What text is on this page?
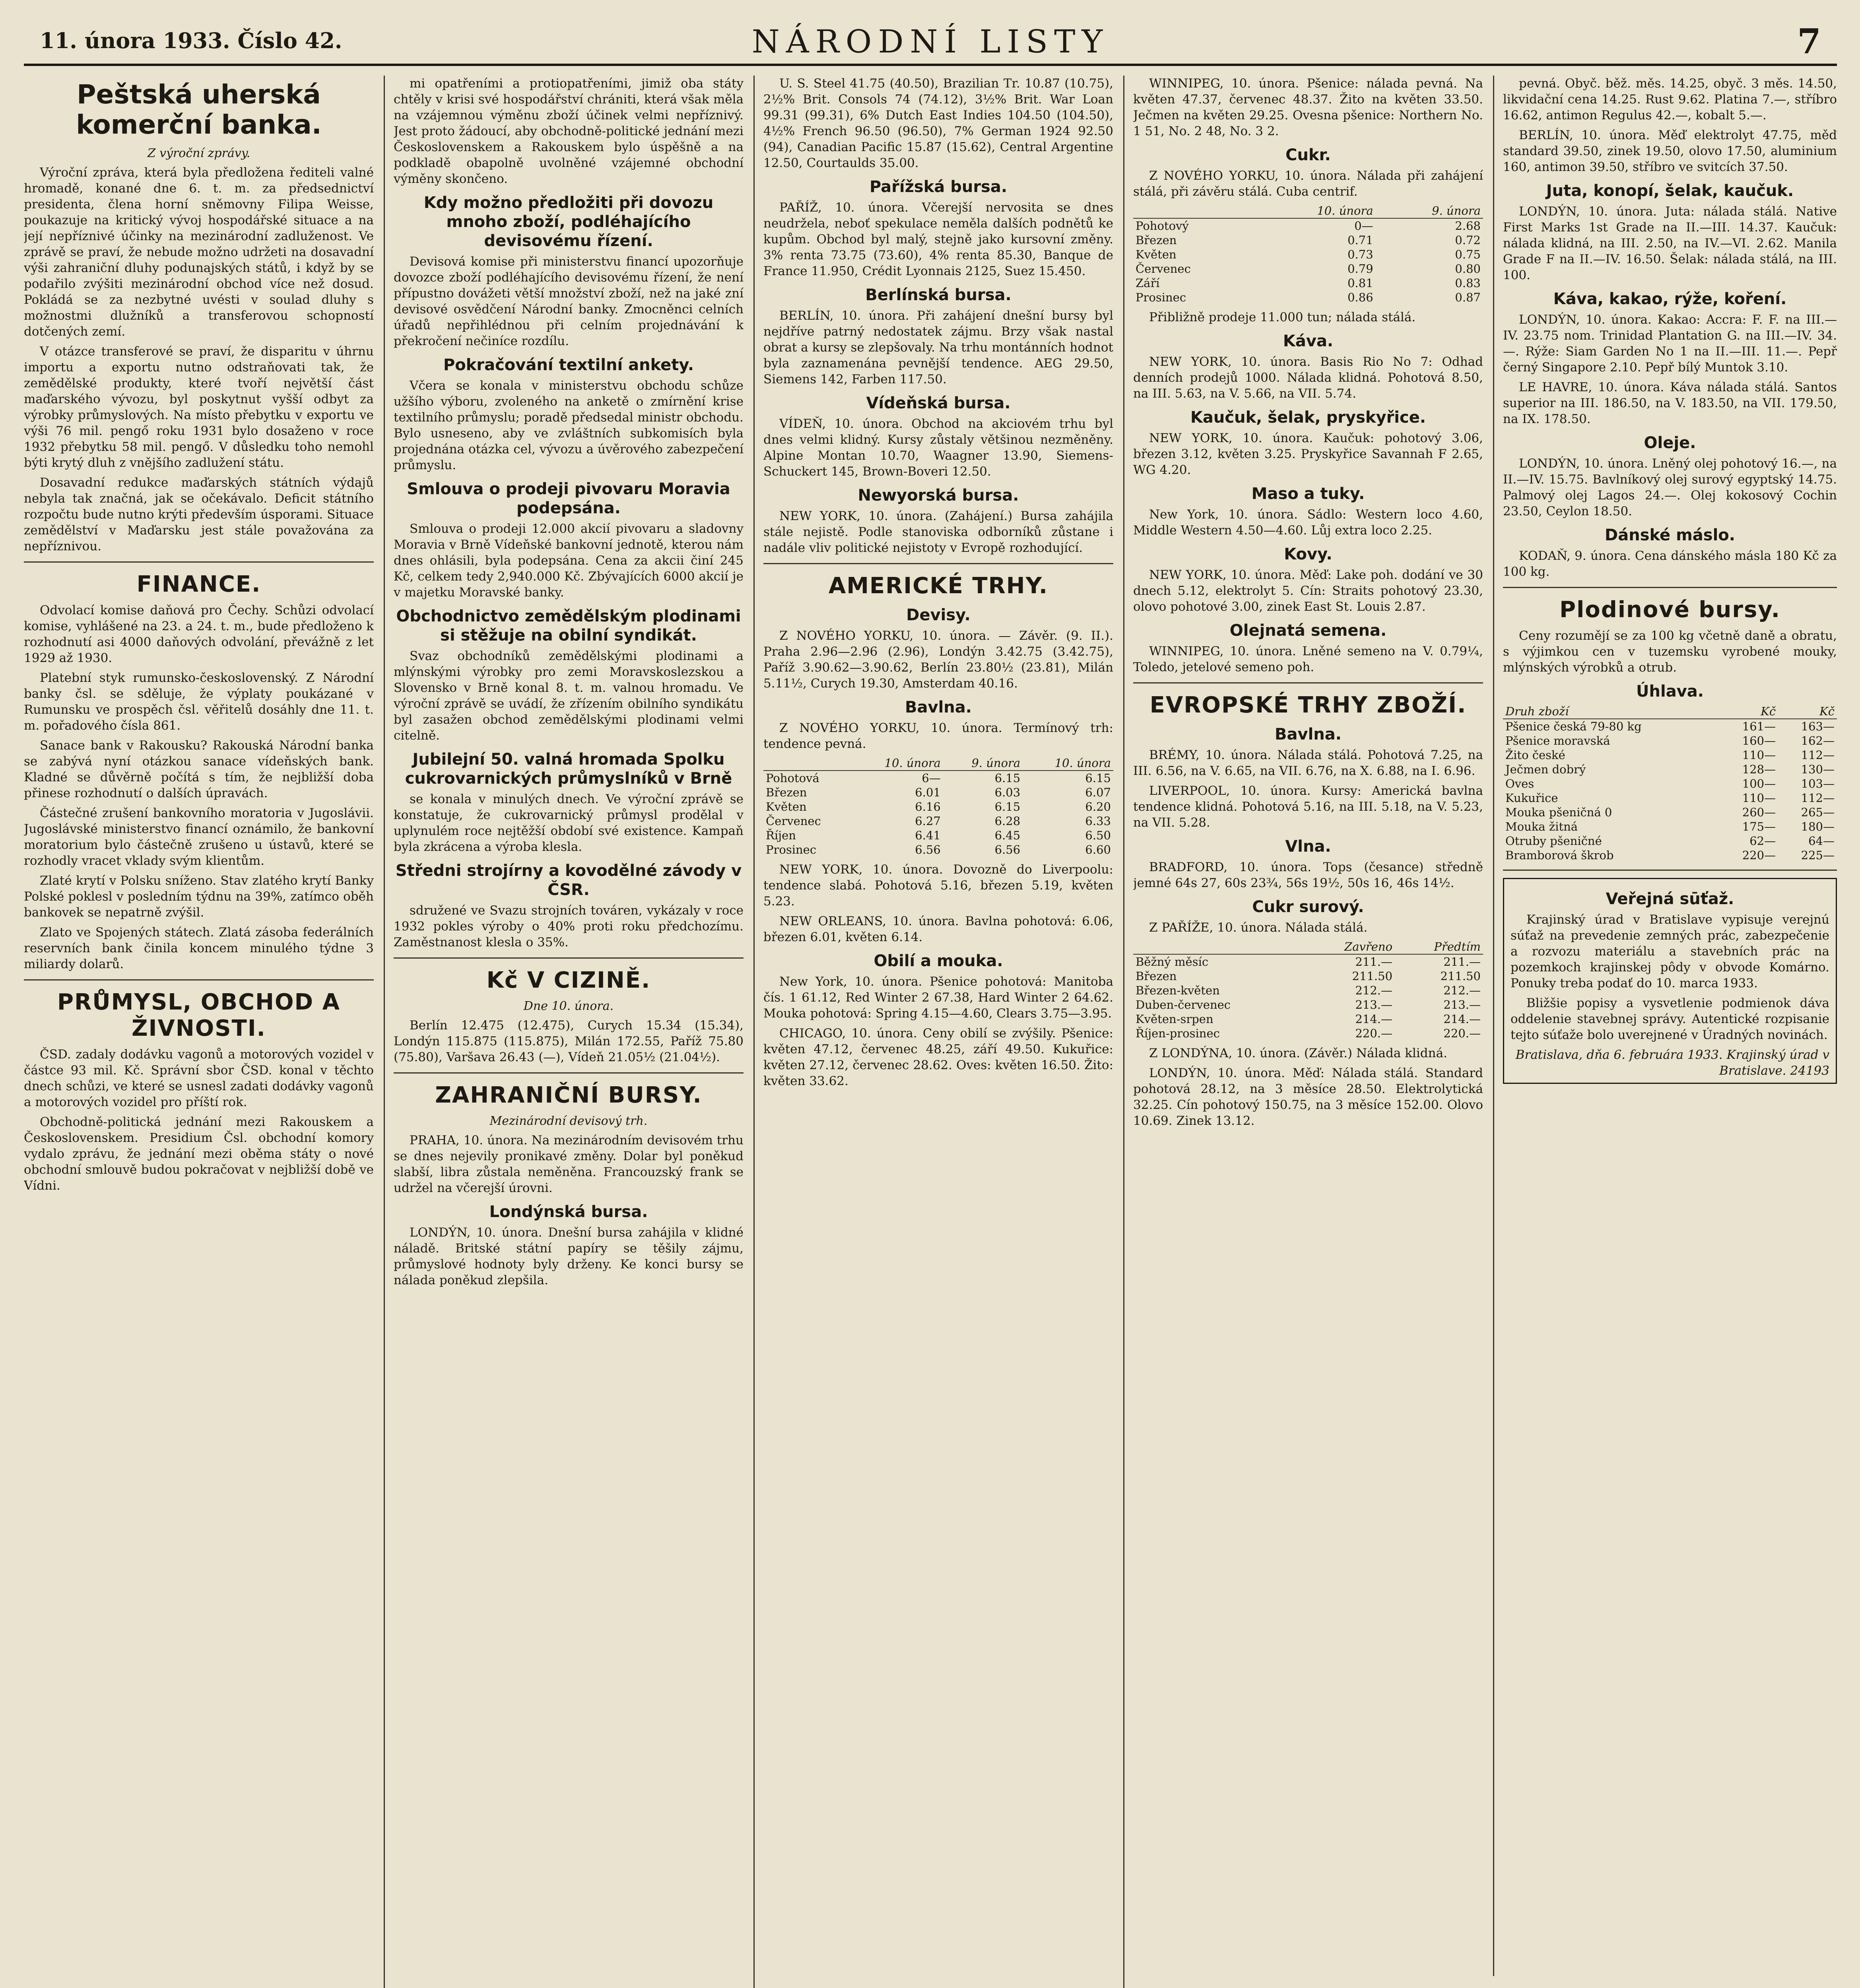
11. února 1933. Číslo 42.	NÁRODNÍ LISTY	7
Peštská uherská komerční banka.
Z výroční zprávy.

Výroční zpráva, která byla předložena řediteli valné hromadě, konané dne 6. t. m. za předsednictví presidenta, člena horní sněmovny Filipa Weisse, poukazuje na kritický vývoj hospodářské situace a na její nepříznivé účinky na mezinárodní zadluženost. Ve zprávě se praví, že nebude možno udržeti na dosavadní výši zahraniční dluhy podunajských států, i když by se podařilo zvýšiti mezinárodní obchod více než dosud. Pokládá se za nezbytné uvésti v soulad dluhy s možnostmi dlužníků a transferovou schopností dotčených zemí.

V otázce transferové se praví, že disparitu v úhrnu importu a exportu nutno odstraňovati tak, že zemědělské produkty, které tvoří největší část maďarského vývozu, byl poskytnut vyšší odbyt za výrobky průmyslových. Na místo přebytku v exportu ve výši 76 mil. pengő roku 1931 bylo dosaženo v roce 1932 přebytku 58 mil. pengő. V důsledku toho nemohl býti krytý dluh z vnějšího zadlužení státu.

Dosavadní redukce maďarských státních výdajů nebyla tak značná, jak se očekávalo. Deficit státního rozpočtu bude nutno krýti především úsporami. Situace zemědělství v Maďarsku jest stále považována za nepříznivou.

FINANCE.

Odvolací komise daňová pro Čechy. Schůzi odvolací komise, vyhlášené na 23. a 24. t. m., bude předloženo k rozhodnutí asi 4000 daňových odvolání, převážně z let 1929 až 1930.

Platební styk rumunsko-československý. Z Národní banky čsl. se sděluje, že výplaty poukázané v Rumunsku ve prospěch čsl. věřitelů dosáhly dne 11. t. m. pořadového čísla 861.

Sanace bank v Rakousku? Rakouská Národní banka se zabývá nyní otázkou sanace vídeňských bank. Kladné se důvěrně počítá s tím, že nejbližší doba přinese rozhodnutí o dalších úpravách.

Částečné zrušení bankovního moratoria v Jugoslávii. Jugoslávské ministerstvo financí oznámilo, že bankovní moratorium bylo částečně zrušeno u ústavů, které se rozhodly vracet vklady svým klientům.

Zlaté krytí v Polsku sníženo. Stav zlatého krytí Banky Polské poklesl v posledním týdnu na 39%, zatímco oběh bankovek se nepatrně zvýšil.

Zlato ve Spojených státech. Zlatá zásoba federálních reservních bank činila koncem minulého týdne 3 miliardy dolarů.

PRŮMYSL, OBCHOD A ŽIVNOSTI.

ČSD. zadaly dodávku vagonů a motorových vozidel v částce 93 mil. Kč. Správní sbor ČSD. konal v těchto dnech schůzi, ve které se usnesl zadati dodávky vagonů a motorových vozidel pro příští rok.

Obchodně-politická jednání mezi Rakouskem a Československem. Presidium Čsl. obchodní komory vydalo zprávu, že jednání mezi oběma státy o nové obchodní smlouvě budou pokračovat v nejbližší době ve Vídni.

mi opatřeními a protiopatřeními, jimiž oba státy chtěly v krisi své hospodářství chrániti, která však měla na vzájemnou výměnu zboží účinek velmi nepříznivý. Jest proto žádoucí, aby obchodně-politické jednání mezi Československem a Rakouskem bylo úspěšně a na podkladě obapolně uvolněné vzájemné obchodní výměny skončeno.

Kdy možno předložiti při dovozu mnoho zboží, podléhajícího devisovému řízení.

Devisová komise při ministerstvu financí upozorňuje dovozce zboží podléhajícího devisovému řízení, že není přípustno dovážeti větší množství zboží, než na jaké zní devisové osvědčení Národní banky. Zmocněnci celních úřadů nepřihlédnou při celním projednávání k překročení nečiníce rozdílu.

Pokračování textilní ankety.

Včera se konala v ministerstvu obchodu schůze užšího výboru, zvoleného na anketě o zmírnění krise textilního průmyslu; poradě předsedal ministr obchodu. Bylo usneseno, aby ve zvláštních subkomisích byla projednána otázka cel, vývozu a úvěrového zabezpečení průmyslu.

Smlouva o prodeji pivovaru Moravia podepsána.

Smlouva o prodeji 12.000 akcií pivovaru a sladovny Moravia v Brně Vídeňské bankovní jednotě, kterou nám dnes ohlásili, byla podepsána. Cena za akcii činí 245 Kč, celkem tedy 2,940.000 Kč. Zbývajících 6000 akcií je v majetku Moravské banky.

Obchodnictvo zemědělským plodinami si stěžuje na obilní syndikát.

Svaz obchodníků zemědělskými plodinami a mlýnskými výrobky pro zemi Moravskoslezskou a Slovensko v Brně konal 8. t. m. valnou hromadu. Ve výroční zprávě se uvádí, že zřízením obilního syndikátu byl zasažen obchod zemědělskými plodinami velmi citelně.

Jubilejní 50. valná hromada Spolku cukrovarnických průmyslníků v Brně

se konala v minulých dnech. Ve výroční zprávě se konstatuje, že cukrovarnický průmysl prodělal v uplynulém roce nejtěžší období své existence. Kampaň byla zkrácena a výroba klesla.

Středni strojírny a kovodělné závody v ČSR.

sdružené ve Svazu strojních továren, vykázaly v roce 1932 pokles výroby o 40% proti roku předchozímu. Zaměstnanost klesla o 35%.

Kč V CIZINĚ.
Dne 10. února.

Berlín 12.475 (12.475), Curych 15.34 (15.34), Londýn 115.875 (115.875), Milán 172.55, Paříž 75.80 (75.80), Varšava 26.43 (—), Vídeň 21.05½ (21.04½).

ZAHRANIČNÍ BURSY.
Mezinárodní devisový trh.

PRAHA, 10. února. Na mezinárodním devisovém trhu se dnes nejevily pronikavé změny. Dolar byl poněkud slabší, libra zůstala neměněna. Francouzský frank se udržel na včerejší úrovni.

Londýnská bursa.

LONDÝN, 10. února. Dnešní bursa zahájila v klidné náladě. Britské státní papíry se těšily zájmu, průmyslové hodnoty byly drženy. Ke konci bursy se nálada poněkud zlepšila.

U. S. Steel 41.75 (40.50), Brazilian Tr. 10.87 (10.75), 2½% Brit. Consols 74 (74.12), 3½% Brit. War Loan 99.31 (99.31), 6% Dutch East Indies 104.50 (104.50), 4½% French 96.50 (96.50), 7% German 1924 92.50 (94), Canadian Pacific 15.87 (15.62), Central Argentine 12.50, Courtaulds 35.00.

Pařížská bursa.

PAŘÍŽ, 10. února. Včerejší nervosita se dnes neudržela, neboť spekulace neměla dalších podnětů ke kupům. Obchod byl malý, stejně jako kursovní změny. 3% renta 73.75 (73.60), 4% renta 85.30, Banque de France 11.950, Crédit Lyonnais 2125, Suez 15.450.

Berlínská bursa.

BERLÍN, 10. února. Při zahájení dnešní bursy byl nejdříve patrný nedostatek zájmu. Brzy však nastal obrat a kursy se zlepšovaly. Na trhu montánních hodnot byla zaznamenána pevnější tendence. AEG 29.50, Siemens 142, Farben 117.50.

Vídeňská bursa.

VÍDEŇ, 10. února. Obchod na akciovém trhu byl dnes velmi klidný. Kursy zůstaly většinou nezměněny. Alpine Montan 10.70, Waagner 13.90, Siemens-Schuckert 145, Brown-Boveri 12.50.

Newyorská bursa.

NEW YORK, 10. února. (Zahájení.) Bursa zahájila stále nejistě. Podle stanoviska odborníků zůstane i nadále vliv politické nejistoty v Evropě rozhodující.

AMERICKÉ TRHY.
Devisy.

Z NOVÉHO YORKU, 10. února. — Závěr. (9. II.). Praha 2.96—2.96 (2.96), Londýn 3.42.75 (3.42.75), Paříž 3.90.62—3.90.62, Berlín 23.80½ (23.81), Milán 5.11½, Curych 19.30, Amsterdam 40.16.

Bavlna.

Z NOVÉHO YORKU, 10. února. Termínový trh: tendence pevná.

	10. února	9. února	10. února
Pohotová	6—	6.15	6.15
Březen	6.01	6.03	6.07
Květen	6.16	6.15	6.20
Červenec	6.27	6.28	6.33
Říjen	6.41	6.45	6.50
Prosinec	6.56	6.56	6.60

NEW YORK, 10. února. Dovozně do Liverpoolu: tendence slabá. Pohotová 5.16, březen 5.19, květen 5.23.

NEW ORLEANS, 10. února. Bavlna pohotová: 6.06, březen 6.01, květen 6.14.

Obilí a mouka.

New York, 10. února. Pšenice pohotová: Manitoba čís. 1 61.12, Red Winter 2 67.38, Hard Winter 2 64.62. Mouka pohotová: Spring 4.15—4.60, Clears 3.75—3.95.

CHICAGO, 10. února. Ceny obilí se zvýšily. Pšenice: květen 47.12, červenec 48.25, září 49.50. Kukuřice: květen 27.12, červenec 28.62. Oves: květen 16.50. Žito: květen 33.62.

WINNIPEG, 10. února. Pšenice: nálada pevná. Na květen 47.37, červenec 48.37. Žito na květen 33.50. Ječmen na květen 29.25. Ovesna pšenice: Northern No. 1 51, No. 2 48, No. 3 2.

Cukr.

Z NOVÉHO YORKU, 10. února. Nálada při zahájení stálá, při závěru stálá. Cuba centrif.

	10. února	9. února
Pohotový	0—	2.68
Březen	0.71	0.72
Květen	0.73	0.75
Červenec	0.79	0.80
Září	0.81	0.83
Prosinec	0.86	0.87

Přibližně prodeje 11.000 tun; nálada stálá.

Káva.

NEW YORK, 10. února. Basis Rio No 7: Odhad denních prodejů 1000. Nálada klidná. Pohotová 8.50, na III. 5.63, na V. 5.66, na VII. 5.74.

Kaučuk, šelak, pryskyřice.

NEW YORK, 10. února. Kaučuk: pohotový 3.06, březen 3.12, květen 3.25. Pryskyřice Savannah F 2.65, WG 4.20.

Maso a tuky.

New York, 10. února. Sádlo: Western loco 4.60, Middle Western 4.50—4.60. Lůj extra loco 2.25.

Kovy.

NEW YORK, 10. února. Měď: Lake poh. dodání ve 30 dnech 5.12, elektrolyt 5. Cín: Straits pohotový 23.30, olovo pohotové 3.00, zinek East St. Louis 2.87.

Olejnatá semena.

WINNIPEG, 10. února. Lněné semeno na V. 0.79¼, Toledo, jetelové semeno poh.

EVROPSKÉ TRHY ZBOŽÍ.
Bavlna.

BRÉMY, 10. února. Nálada stálá. Pohotová 7.25, na III. 6.56, na V. 6.65, na VII. 6.76, na X. 6.88, na I. 6.96.

LIVERPOOL, 10. února. Kursy: Americká bavlna tendence klidná. Pohotová 5.16, na III. 5.18, na V. 5.23, na VII. 5.28.

Vlna.

BRADFORD, 10. února. Tops (česance) středně jemné 64s 27, 60s 23¾, 56s 19½, 50s 16, 46s 14½.

Cukr surový.

Z PAŘÍŽE, 10. února. Nálada stálá.

	Zavřeno	Předtím
Běžný měsíc	211.—	211.—
Březen	211.50	211.50
Březen-květen	212.—	212.—
Duben-červenec	213.—	213.—
Květen-srpen	214.—	214.—
Říjen-prosinec	220.—	220.—

Z LONDÝNA, 10. února. (Závěr.) Nálada klidná.

LONDÝN, 10. února. Měď: Nálada stálá. Standard pohotová 28.12, na 3 měsíce 28.50. Elektrolytická 32.25. Cín pohotový 150.75, na 3 měsíce 152.00. Olovo 10.69. Zinek 13.12.

pevná. Obyč. běž. měs. 14.25, obyč. 3 měs. 14.50, likvidační cena 14.25. Rust 9.62. Platina 7.—, stříbro 16.62, antimon Regulus 42.—, kobalt 5.—.

BERLÍN, 10. února. Měď elektrolyt 47.75, měď standard 39.50, zinek 19.50, olovo 17.50, aluminium 160, antimon 39.50, stříbro ve svitcích 37.50.

Juta, konopí, šelak, kaučuk.

LONDÝN, 10. února. Juta: nálada stálá. Native First Marks 1st Grade na II.—III. 14.37. Kaučuk: nálada klidná, na III. 2.50, na IV.—VI. 2.62. Manila Grade F na II.—IV. 16.50. Šelak: nálada stálá, na III. 100.

Káva, kakao, rýže, koření.

LONDÝN, 10. února. Kakao: Accra: F. F. na III.—IV. 23.75 nom. Trinidad Plantation G. na III.—IV. 34.—. Rýže: Siam Garden No 1 na II.—III. 11.—. Pepř černý Singapore 2.10. Pepř bílý Muntok 3.10.

LE HAVRE, 10. února. Káva nálada stálá. Santos superior na III. 186.50, na V. 183.50, na VII. 179.50, na IX. 178.50.

Oleje.

LONDÝN, 10. února. Lněný olej pohotový 16.—, na II.—IV. 15.75. Bavlníkový olej surový egyptský 14.75. Palmový olej Lagos 24.—. Olej kokosový Cochin 23.50, Ceylon 18.50.

Dánské máslo.

KODAŇ, 9. února. Cena dánského másla 180 Kč za 100 kg.

Plodinové bursy.

Ceny rozumějí se za 100 kg včetně daně a obratu, s výjimkou cen v tuzemsku vyrobené mouky, mlýnských výrobků a otrub.

Úhlava.
Druh zboží	Kč	Kč
Pšenice česká 79-80 kg	161—	163—
Pšenice moravská	160—	162—
Žito české	110—	112—
Ječmen dobrý	128—	130—
Oves	100—	103—
Kukuřice	110—	112—
Mouka pšeničná 0	260—	265—
Mouka žitná	175—	180—
Otruby pšeničné	62—	64—
Bramborová škrob	220—	225—
Veřejná sūťaž.

Krajinský úrad v Bratislave vypisuje verejnú súťaž na prevedenie zemných prác, zabezpečenie a rozvozu materiálu a stavebních prác na pozemkoch krajinskej pôdy v obvode Komárno. Ponuky treba podať do 10. marca 1933.

Bližšie popisy a vysvetlenie podmienok dáva oddelenie stavebnej správy. Autentické rozpisanie tejto súťaže bolo uverejnené v Úradných novinách.

Bratislava, dňa 6. februára 1933. Krajinský úrad v Bratislave. 24193
